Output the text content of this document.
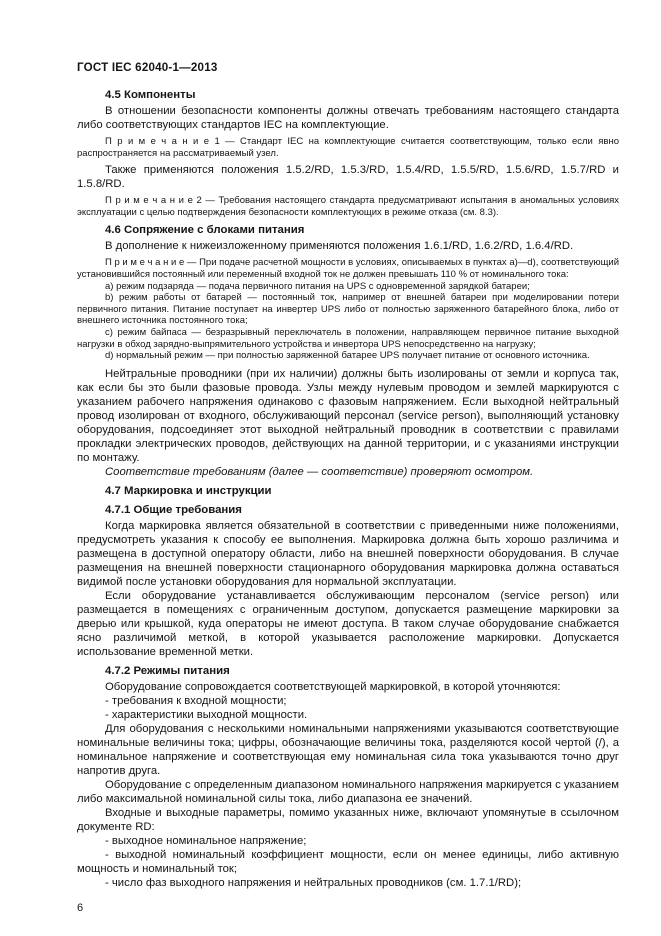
ГОСТ IEC 62040-1—2013
4.5 Компоненты
В отношении безопасности компоненты должны отвечать требованиям настоящего стандарта либо соответствующих стандартов IEC на комплектующие.
П р и м е ч а н и е 1 — Стандарт IEC на комплектующие считается соответствующим, только если явно распространяется на рассматриваемый узел.
Также применяются положения 1.5.2/RD, 1.5.3/RD, 1.5.4/RD, 1.5.5/RD, 1.5.6/RD, 1.5.7/RD и 1.5.8/RD.
П р и м е ч а н и е 2 — Требования настоящего стандарта предусматривают испытания в аномальных условиях эксплуатации с целью подтверждения безопасности комплектующих в режиме отказа (см. 8.3).
4.6 Сопряжение с блоками питания
В дополнение к нижеизложенному применяются положения 1.6.1/RD, 1.6.2/RD, 1.6.4/RD.
П р и м е ч а н и е — При подаче расчетной мощности в условиях, описываемых в пунктах a)—d), соответствующий установившийся постоянный или переменный входной ток не должен превышать 110 % от номинального тока:
a) режим подзаряда — подача первичного питания на UPS с одновременной зарядкой батареи;
b) режим работы от батарей — постоянный ток, например от внешней батареи при моделировании потери первичного питания. Питание поступает на инвертер UPS либо от полностью заряженного батарейного блока, либо от внешнего источника постоянного тока;
c) режим байпаса — безразрывный переключатель в положении, направляющем первичное питание выходной нагрузки в обход зарядно-выпрямительного устройства и инвертора UPS непосредственно на нагрузку;
d) нормальный режим — при полностью заряженной батарее UPS получает питание от основного источника.
Нейтральные проводники (при их наличии) должны быть изолированы от земли и корпуса так, как если бы это были фазовые провода. Узлы между нулевым проводом и землей маркируются с указанием рабочего напряжения одинаково с фазовым напряжением. Если выходной нейтральный провод изолирован от входного, обслуживающий персонал (service person), выполняющий установку оборудования, подсоединяет этот выходной нейтральный проводник в соответствии с правилами прокладки электрических проводов, действующих на данной территории, и с указаниями инструкции по монтажу.
Соответствие требованиям (далее — соответствие) проверяют осмотром.
4.7 Маркировка и инструкции
4.7.1 Общие требования
Когда маркировка является обязательной в соответствии с приведенными ниже положениями, предусмотреть указания к способу ее выполнения. Маркировка должна быть хорошо различима и размещена в доступной оператору области, либо на внешней поверхности оборудования. В случае размещения на внешней поверхности стационарного оборудования маркировка должна оставаться видимой после установки оборудования для нормальной эксплуатации.
Если оборудование устанавливается обслуживающим персоналом (service person) или размещается в помещениях с ограниченным доступом, допускается размещение маркировки за дверью или крышкой, куда операторы не имеют доступа. В таком случае оборудование снабжается ясно различимой меткой, в которой указывается расположение маркировки. Допускается использование временной метки.
4.7.2 Режимы питания
Оборудование сопровождается соответствующей маркировкой, в которой уточняются:
- требования к входной мощности;
- характеристики выходной мощности.
Для оборудования с несколькими номинальными напряжениями указываются соответствующие номинальные величины тока; цифры, обозначающие величины тока, разделяются косой чертой (/), а номинальное напряжение и соответствующая ему номинальная сила тока указываются точно друг напротив друга.
Оборудование с определенным диапазоном номинального напряжения маркируется с указанием либо максимальной номинальной силы тока, либо диапазона ее значений.
Входные и выходные параметры, помимо указанных ниже, включают упомянутые в ссылочном документе RD:
- выходное номинальное напряжение;
- выходной номинальный коэффициент мощности, если он менее единицы, либо активную мощность и номинальный ток;
- число фаз выходного напряжения и нейтральных проводников (см. 1.7.1/RD);
6
